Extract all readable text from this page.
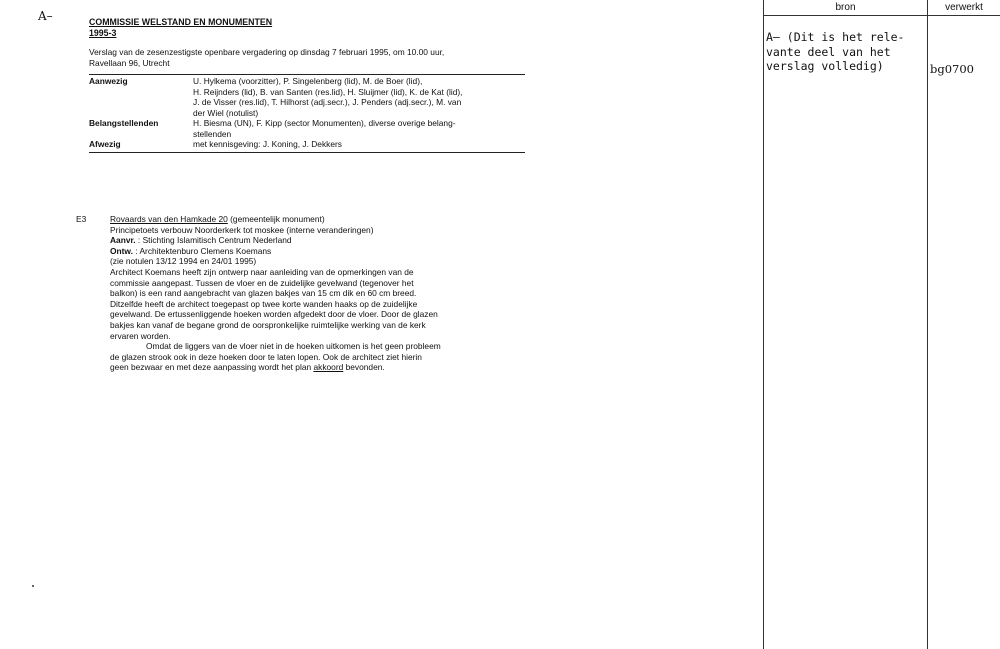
A–	COMMISSIE WELSTAND EN MONUMENTEN
1995-3
Verslag van de zesenzestigste openbare vergadering op dinsdag 7 februari 1995, om 10.00 uur,
Ravellaan 96, Utrecht
Aanwezig	U. Hylkema (voorzitter), P. Singelenberg (lid), M. de Boer (lid),
H. Reijnders (lid), B. van Santen (res.lid), H. Sluijmer (lid), K. de Kat (lid),
J. de Visser (res.lid), T. Hilhorst (adj.secr.), J. Penders (adj.secr.), M. van
der Wiel (notulist)

Belangstellenden	H. Biesma (UN), F. Kipp (sector Monumenten), diverse overige belang-
stellenden

Afwezig	met kennisgeving: J. Koning, J. Dekkers
E3	Rovaards van den Hamkade 20 (gemeentelijk monument)
Principetoets verbouw Noorderkerk tot moskee (interne veranderingen)
Aanvr. : Stichting Islamitisch Centrum Nederland
Ontw. : Architektenburo Clemens Koemans
(zie notulen 13/12 1994 en 24/01 1995)
Architect Koemans heeft zijn ontwerp naar aanleiding van de opmerkingen van de
commissie aangepast. Tussen de vloer en de zuidelijke gevelwand (tegenover het
balkon) is een rand aangebracht van glazen bakjes van 15 cm dik en 60 cm breed.
Ditzelfde heeft de architect toegepast op twee korte wanden haaks op de zuidelijke
gevelwand. De ertussenliggende hoeken worden afgedekt door de vloer. Door de glazen
bakjes kan vanaf de begane grond de oorspronkelijke ruimtelijke werking van de kerk
ervaren worden.
Omdat de liggers van de vloer niet in de hoeken uitkomen is het geen probleem
de glazen strook ook in deze hoeken door te laten lopen. Ook de architect ziet hierin
geen bezwaar en met deze aanpassing wordt het plan akkoord bevonden.
bron	verwerkt
A– (Dit is het rele-
vante deel van het
verslag volledig)	bg0700
